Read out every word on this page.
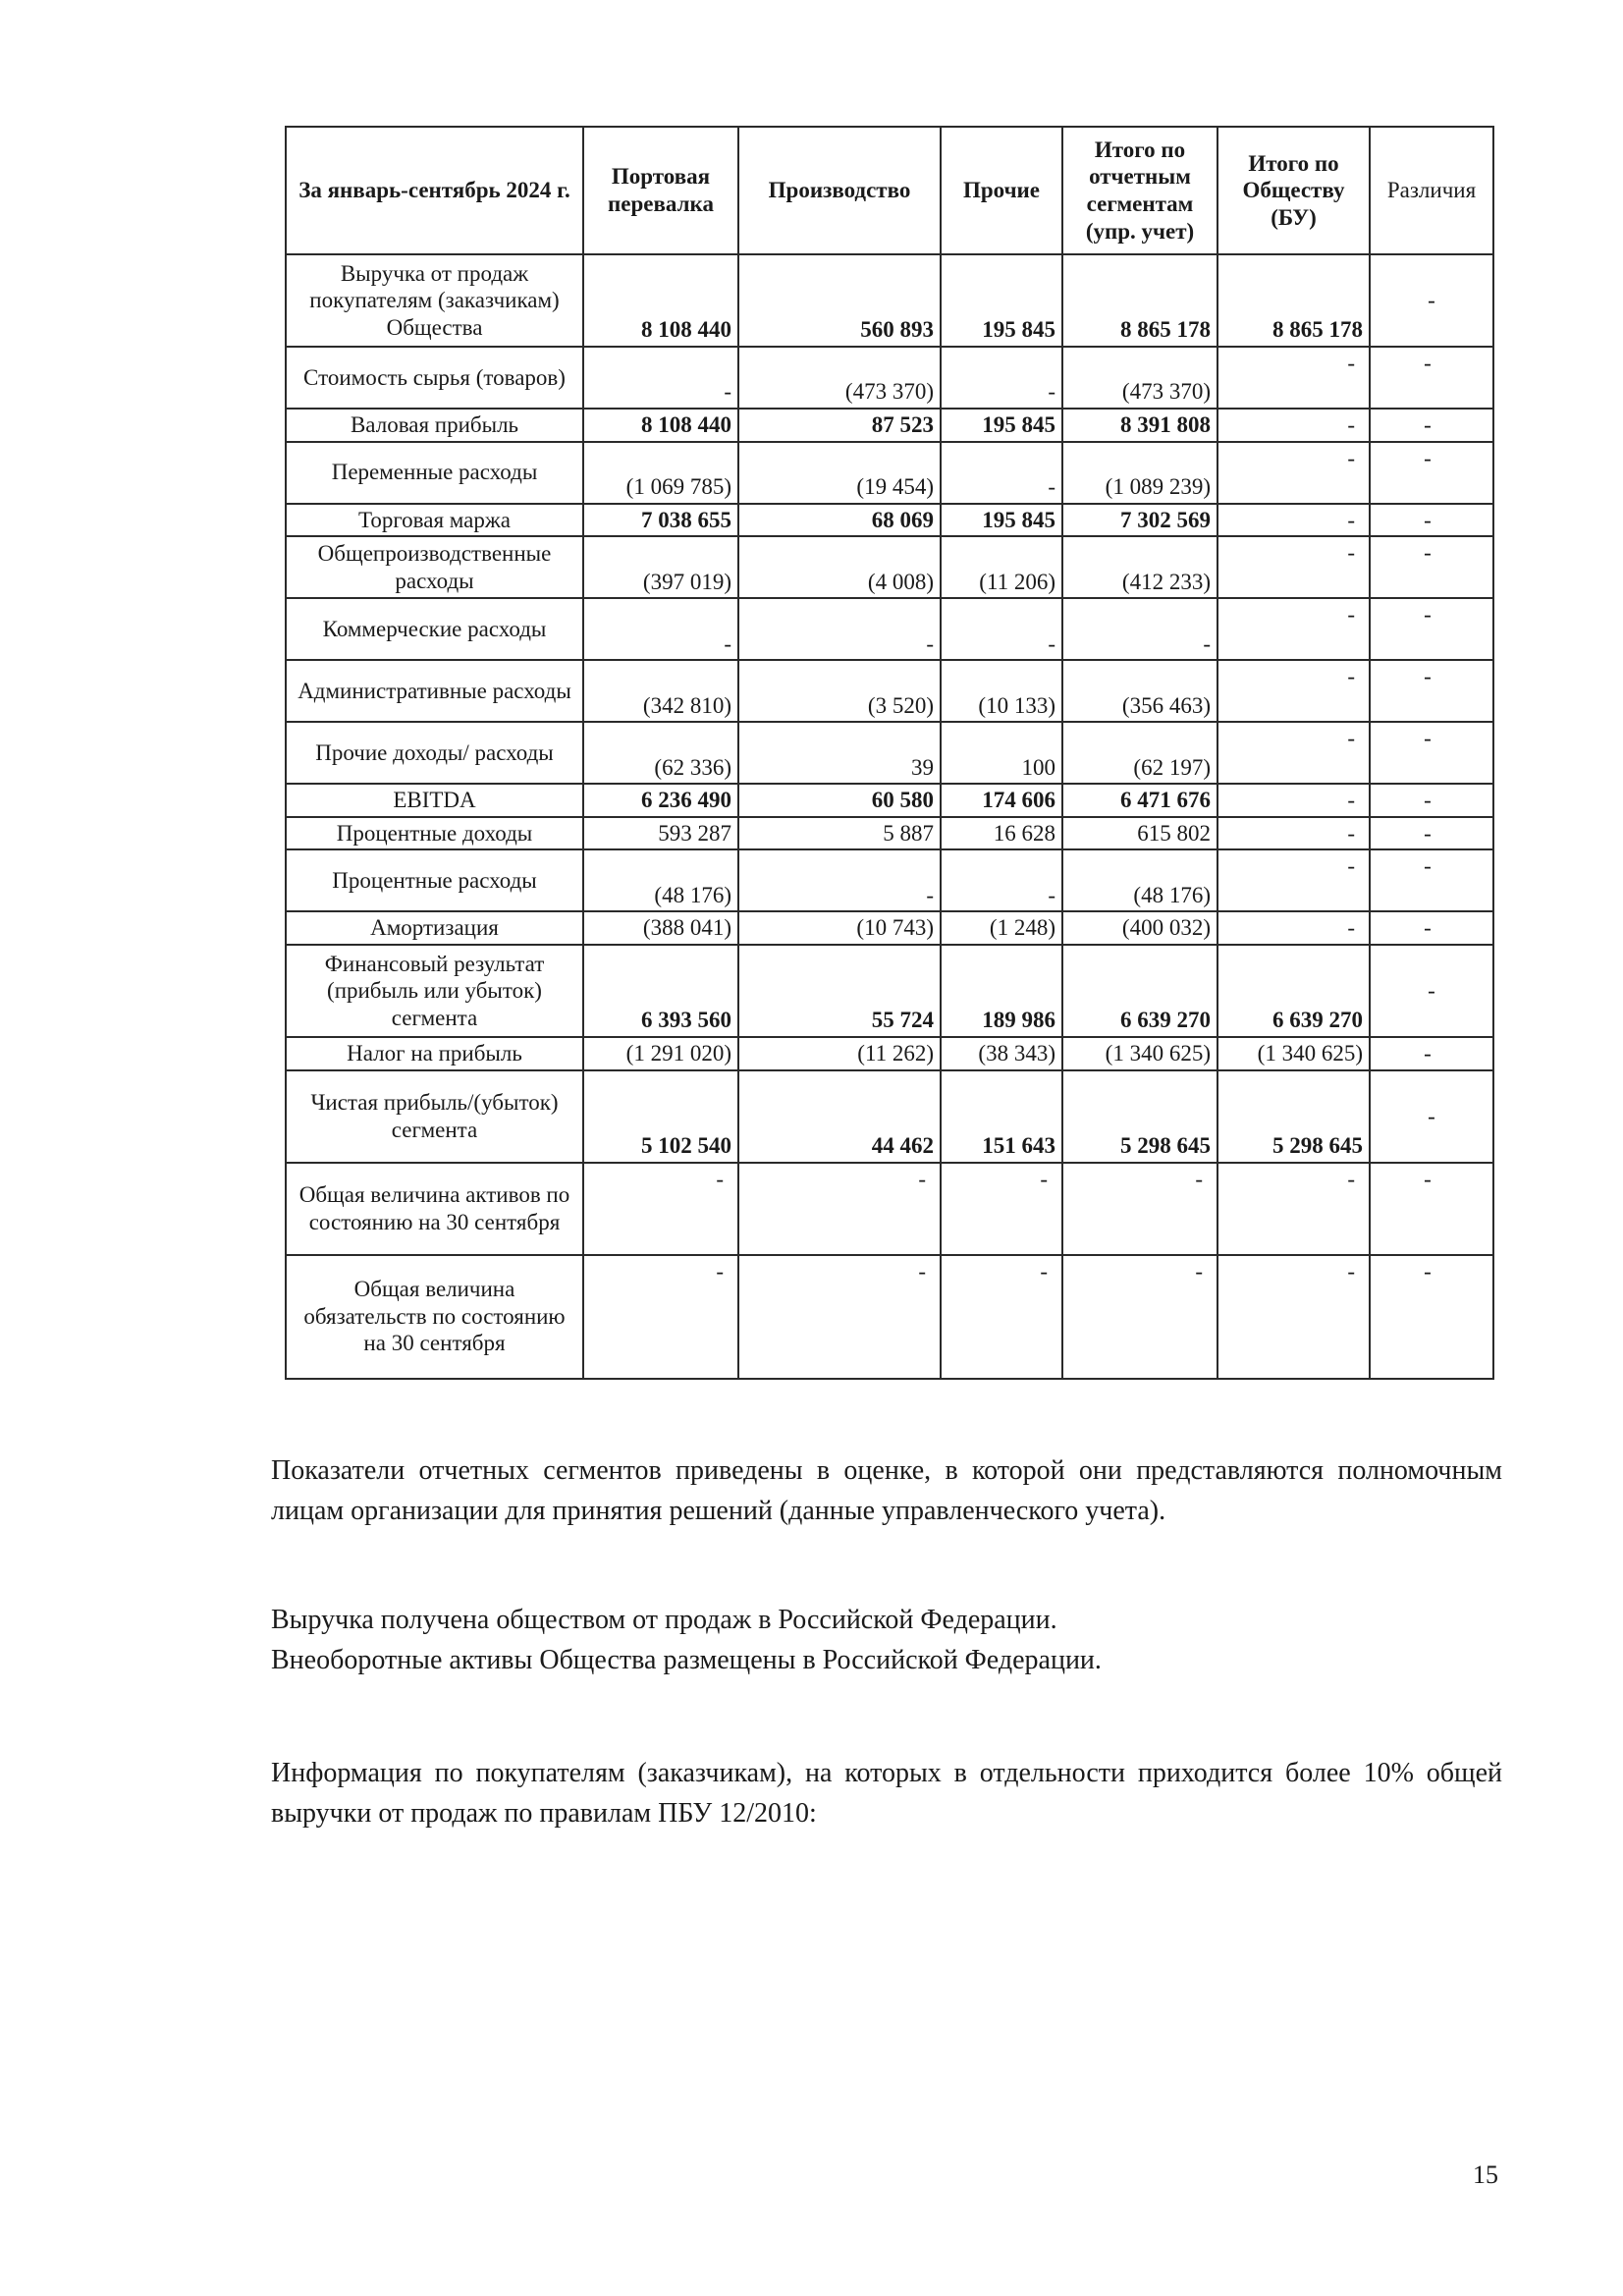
За январь-сентябрь 2024 г.	Портовая перевалка	Производство	Прочие	Итого по отчетным сегментам (упр. учет)	Итого по Обществу (БУ)	Различия
Выручка от продаж покупателям (заказчикам) Общества	8 108 440	560 893	195 845	8 865 178	8 865 178	-
Стоимость сырья (товаров)	-	(473 370)	-	(473 370)	-	-
Валовая прибыль	8 108 440	87 523	195 845	8 391 808	-	-
Переменные расходы	(1 069 785)	(19 454)	-	(1 089 239)	-	-
Торговая маржа	7 038 655	68 069	195 845	7 302 569	-	-
Общепроизводственные расходы	(397 019)	(4 008)	(11 206)	(412 233)	-	-
Коммерческие расходы	-	-	-	-	-	-
Административные расходы	(342 810)	(3 520)	(10 133)	(356 463)	-	-
Прочие доходы/ расходы	(62 336)	39	100	(62 197)	-	-
EBITDA	6 236 490	60 580	174 606	6 471 676	-	-
Процентные доходы	593 287	5 887	16 628	615 802	-	-
Процентные расходы	(48 176)	-	-	(48 176)	-	-
Амортизация	(388 041)	(10 743)	(1 248)	(400 032)	-	-
Финансовый результат (прибыль или убыток) сегмента	6 393 560	55 724	189 986	6 639 270	6 639 270	-
Налог на прибыль	(1 291 020)	(11 262)	(38 343)	(1 340 625)	(1 340 625)	-
Чистая прибыль/(убыток) сегмента	5 102 540	44 462	151 643	5 298 645	5 298 645	-
Общая величина активов по состоянию на 30 сентября	-	-	-	-	-	-
Общая величина обязательств по состоянию на 30 сентября	-	-	-	-	-	-

Показатели отчетных сегментов приведены в оценке, в которой они представляются полномочным лицам организации для принятия решений (данные управленческого учета).

Выручка получена обществом от продаж в Российской Федерации.
Внеоборотные активы Общества размещены в Российской Федерации.

Информация по покупателям (заказчикам), на которых в отдельности приходится более 10% общей выручки от продаж по правилам ПБУ 12/2010:

15
